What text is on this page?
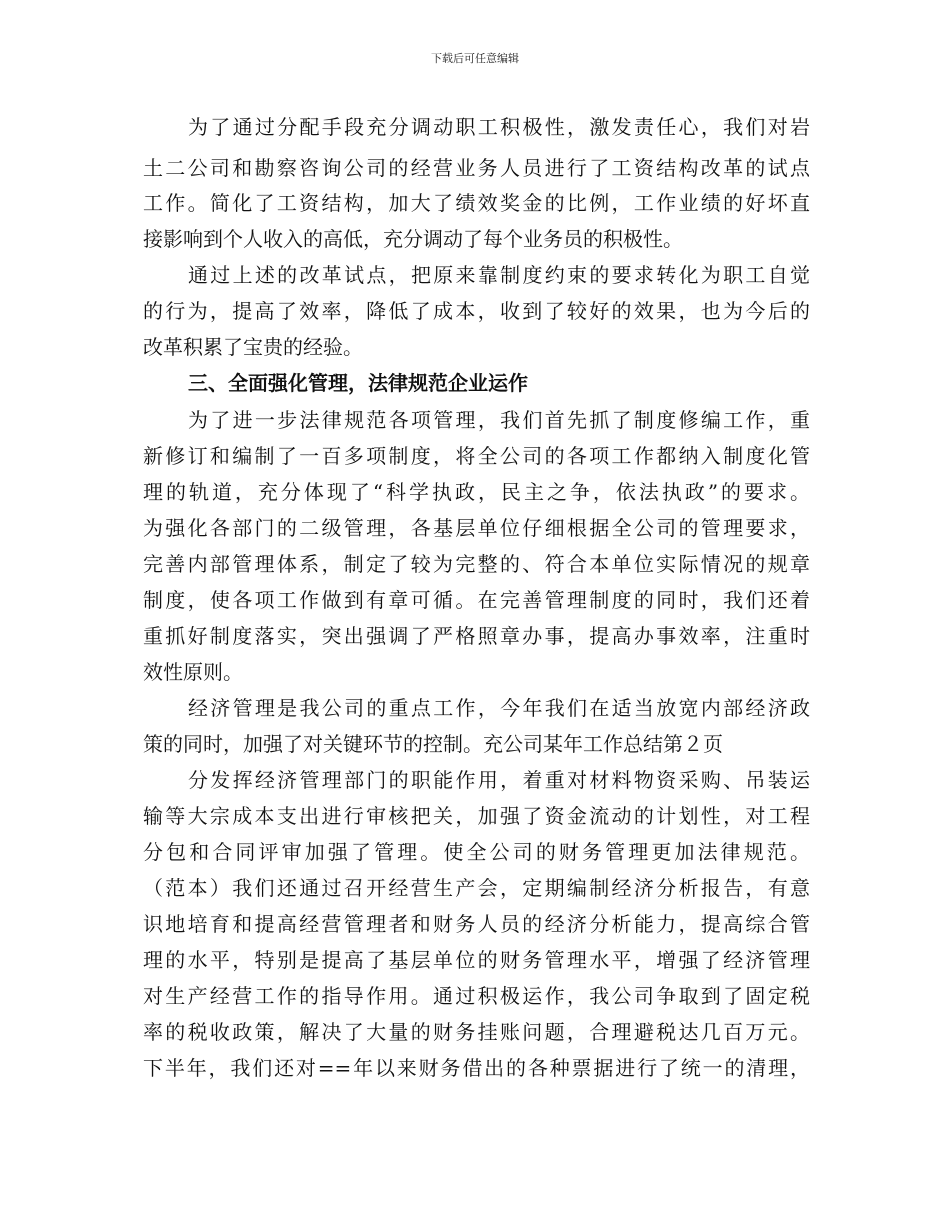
下载后可任意编辑
为了通过分配手段充分调动职工积极性，激发责任心，我们对岩
土二公司和勘察咨询公司的经营业务人员进行了工资结构改革的试点
工作。简化了工资结构，加大了绩效奖金的比例，工作业绩的好坏直
接影响到个人收入的高低，充分调动了每个业务员的积极性。
通过上述的改革试点，把原来靠制度约束的要求转化为职工自觉
的行为，提高了效率，降低了成本，收到了较好的效果，也为今后的
改革积累了宝贵的经验。
三、全面强化管理，法律规范企业运作
为了进一步法律规范各项管理，我们首先抓了制度修编工作，重
新修订和编制了一百多项制度，将全公司的各项工作都纳入制度化管
理的轨道，充分体现了“科学执政，民主之争，依法执政”的要求。
为强化各部门的二级管理，各基层单位仔细根据全公司的管理要求，
完善内部管理体系，制定了较为完整的、符合本单位实际情况的规章
制度，使各项工作做到有章可循。在完善管理制度的同时，我们还着
重抓好制度落实，突出强调了严格照章办事，提高办事效率，注重时
效性原则。
经济管理是我公司的重点工作，今年我们在适当放宽内部经济政
策的同时，加强了对关键环节的控制。充公司某年工作总结第２页
分发挥经济管理部门的职能作用，着重对材料物资采购、吊装运
输等大宗成本支出进行审核把关，加强了资金流动的计划性，对工程
分包和合同评审加强了管理。使全公司的财务管理更加法律规范。
（范本）我们还通过召开经营生产会，定期编制经济分析报告，有意
识地培育和提高经营管理者和财务人员的经济分析能力，提高综合管
理的水平，特别是提高了基层单位的财务管理水平，增强了经济管理
对生产经营工作的指导作用。通过积极运作，我公司争取到了固定税
率的税收政策，解决了大量的财务挂账问题，合理避税达几百万元。
下半年，我们还对==年以来财务借出的各种票据进行了统一的清理，
